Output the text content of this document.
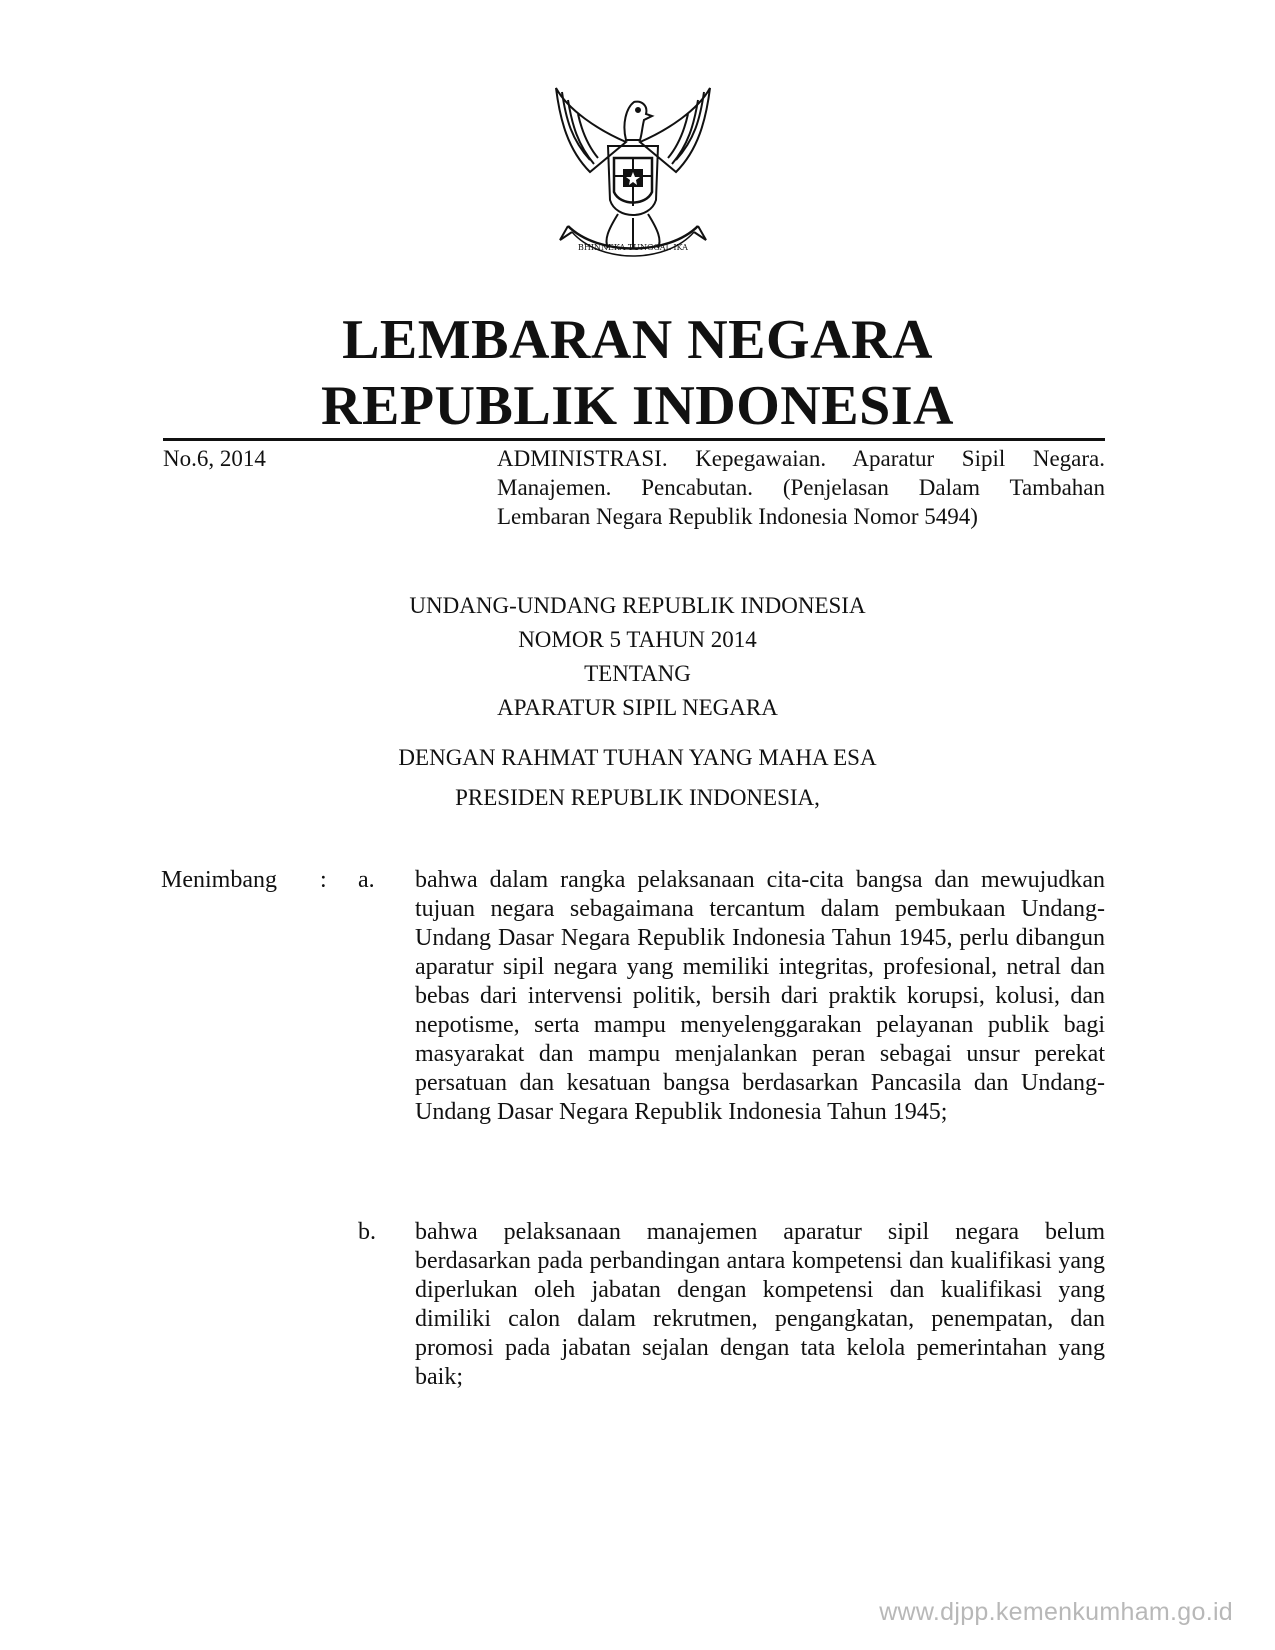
BHINNEKA TUNGGAL IKA
LEMBARAN NEGARA
REPUBLIK INDONESIA
No.6, 2014	ADMINISTRASI. Kepegawaian. Aparatur Sipil Negara. Manajemen. Pencabutan. (Penjelasan Dalam Tambahan Lembaran Negara Republik Indonesia Nomor 5494)
UNDANG-UNDANG REPUBLIK INDONESIA
NOMOR 5 TAHUN 2014
TENTANG
APARATUR SIPIL NEGARA
DENGAN RAHMAT TUHAN YANG MAHA ESA
PRESIDEN REPUBLIK INDONESIA,
Menimbang : a. bahwa dalam rangka pelaksanaan cita-cita bangsa dan mewujudkan tujuan negara sebagaimana tercantum dalam pembukaan Undang-Undang Dasar Negara Republik Indonesia Tahun 1945, perlu dibangun aparatur sipil negara yang memiliki integritas, profesional, netral dan bebas dari intervensi politik, bersih dari praktik korupsi, kolusi, dan nepotisme, serta mampu menyelenggarakan pelayanan publik bagi masyarakat dan mampu menjalankan peran sebagai unsur perekat persatuan dan kesatuan bangsa berdasarkan Pancasila dan Undang-Undang Dasar Negara Republik Indonesia Tahun 1945;
b. bahwa pelaksanaan manajemen aparatur sipil negara belum berdasarkan pada perbandingan antara kompetensi dan kualifikasi yang diperlukan oleh jabatan dengan kompetensi dan kualifikasi yang dimiliki calon dalam rekrutmen, pengangkatan, penempatan, dan promosi pada jabatan sejalan dengan tata kelola pemerintahan yang baik;
www.djpp.kemenkumham.go.id
